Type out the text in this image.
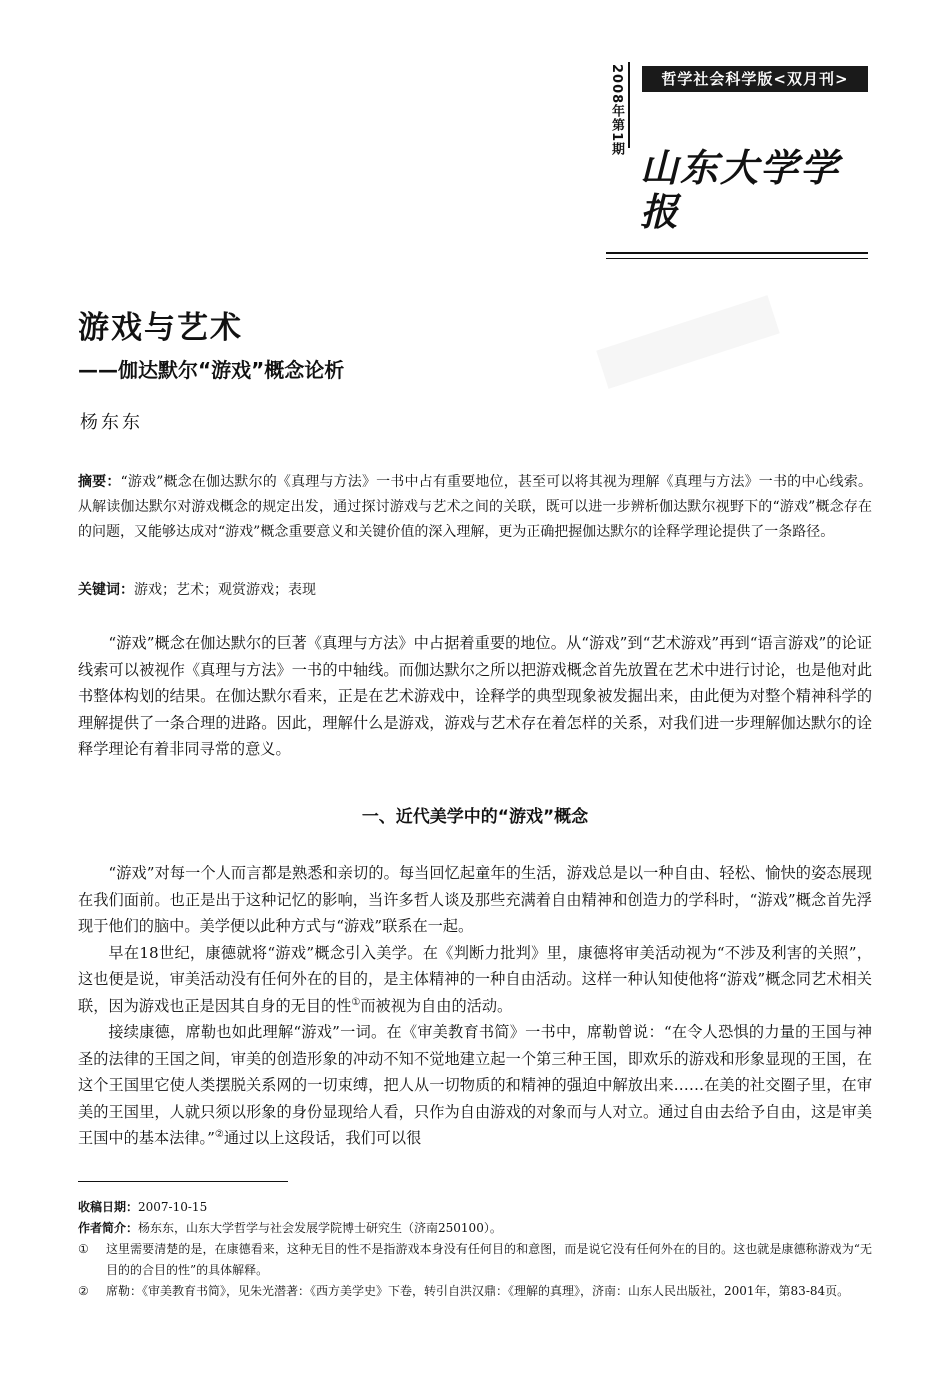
2008年第1期	哲学社会科学版<双月刊>
山东大学学报
游戏与艺术
——伽达默尔“游戏”概念论析
杨东东
摘要：“游戏”概念在伽达默尔的《真理与方法》一书中占有重要地位，甚至可以将其视为理解《真理与方法》一书的中心线索。从解读伽达默尔对游戏概念的规定出发，通过探讨游戏与艺术之间的关联，既可以进一步辨析伽达默尔视野下的“游戏”概念存在的问题，又能够达成对“游戏”概念重要意义和关键价值的深入理解，更为正确把握伽达默尔的诠释学理论提供了一条路径。
关键词：游戏；艺术；观赏游戏；表现

“游戏”概念在伽达默尔的巨著《真理与方法》中占据着重要的地位。从“游戏”到“艺术游戏”再到“语言游戏”的论证线索可以被视作《真理与方法》一书的中轴线。而伽达默尔之所以把游戏概念首先放置在艺术中进行讨论，也是他对此书整体构划的结果。在伽达默尔看来，正是在艺术游戏中，诠释学的典型现象被发掘出来，由此便为对整个精神科学的理解提供了一条合理的进路。因此，理解什么是游戏，游戏与艺术存在着怎样的关系，对我们进一步理解伽达默尔的诠释学理论有着非同寻常的意义。

一、近代美学中的“游戏”概念

“游戏”对每一个人而言都是熟悉和亲切的。每当回忆起童年的生活，游戏总是以一种自由、轻松、愉快的姿态展现在我们面前。也正是出于这种记忆的影响，当许多哲人谈及那些充满着自由精神和创造力的学科时，“游戏”概念首先浮现于他们的脑中。美学便以此种方式与“游戏”联系在一起。

早在18世纪，康德就将“游戏”概念引入美学。在《判断力批判》里，康德将审美活动视为“不涉及利害的关照”，这也便是说，审美活动没有任何外在的目的，是主体精神的一种自由活动。这样一种认知使他将“游戏”概念同艺术相关联，因为游戏也正是因其自身的无目的性①而被视为自由的活动。

接续康德，席勒也如此理解“游戏”一词。在《审美教育书简》一书中，席勒曾说：“在令人恐惧的力量的王国与神圣的法律的王国之间，审美的创造形象的冲动不知不觉地建立起一个第三种王国，即欢乐的游戏和形象显现的王国，在这个王国里它使人类摆脱关系网的一切束缚，把人从一切物质的和精神的强迫中解放出来……在美的社交圈子里，在审美的王国里，人就只须以形象的身份显现给人看，只作为自由游戏的对象而与人对立。通过自由去给予自由，这是审美王国中的基本法律。”②通过以上这段话，我们可以很

收稿日期：2007-10-15
作者简介：杨东东，山东大学哲学与社会发展学院博士研究生（济南250100）。
①	这里需要清楚的是，在康德看来，这种无目的性不是指游戏本身没有任何目的和意图，而是说它没有任何外在的目的。这也就是康德称游戏为“无目的的合目的性”的具体解释。
②	席勒：《审美教育书简》，见朱光潜著：《西方美学史》下卷，转引自洪汉鼎：《理解的真理》，济南：山东人民出版社，2001年，第83-84页。
